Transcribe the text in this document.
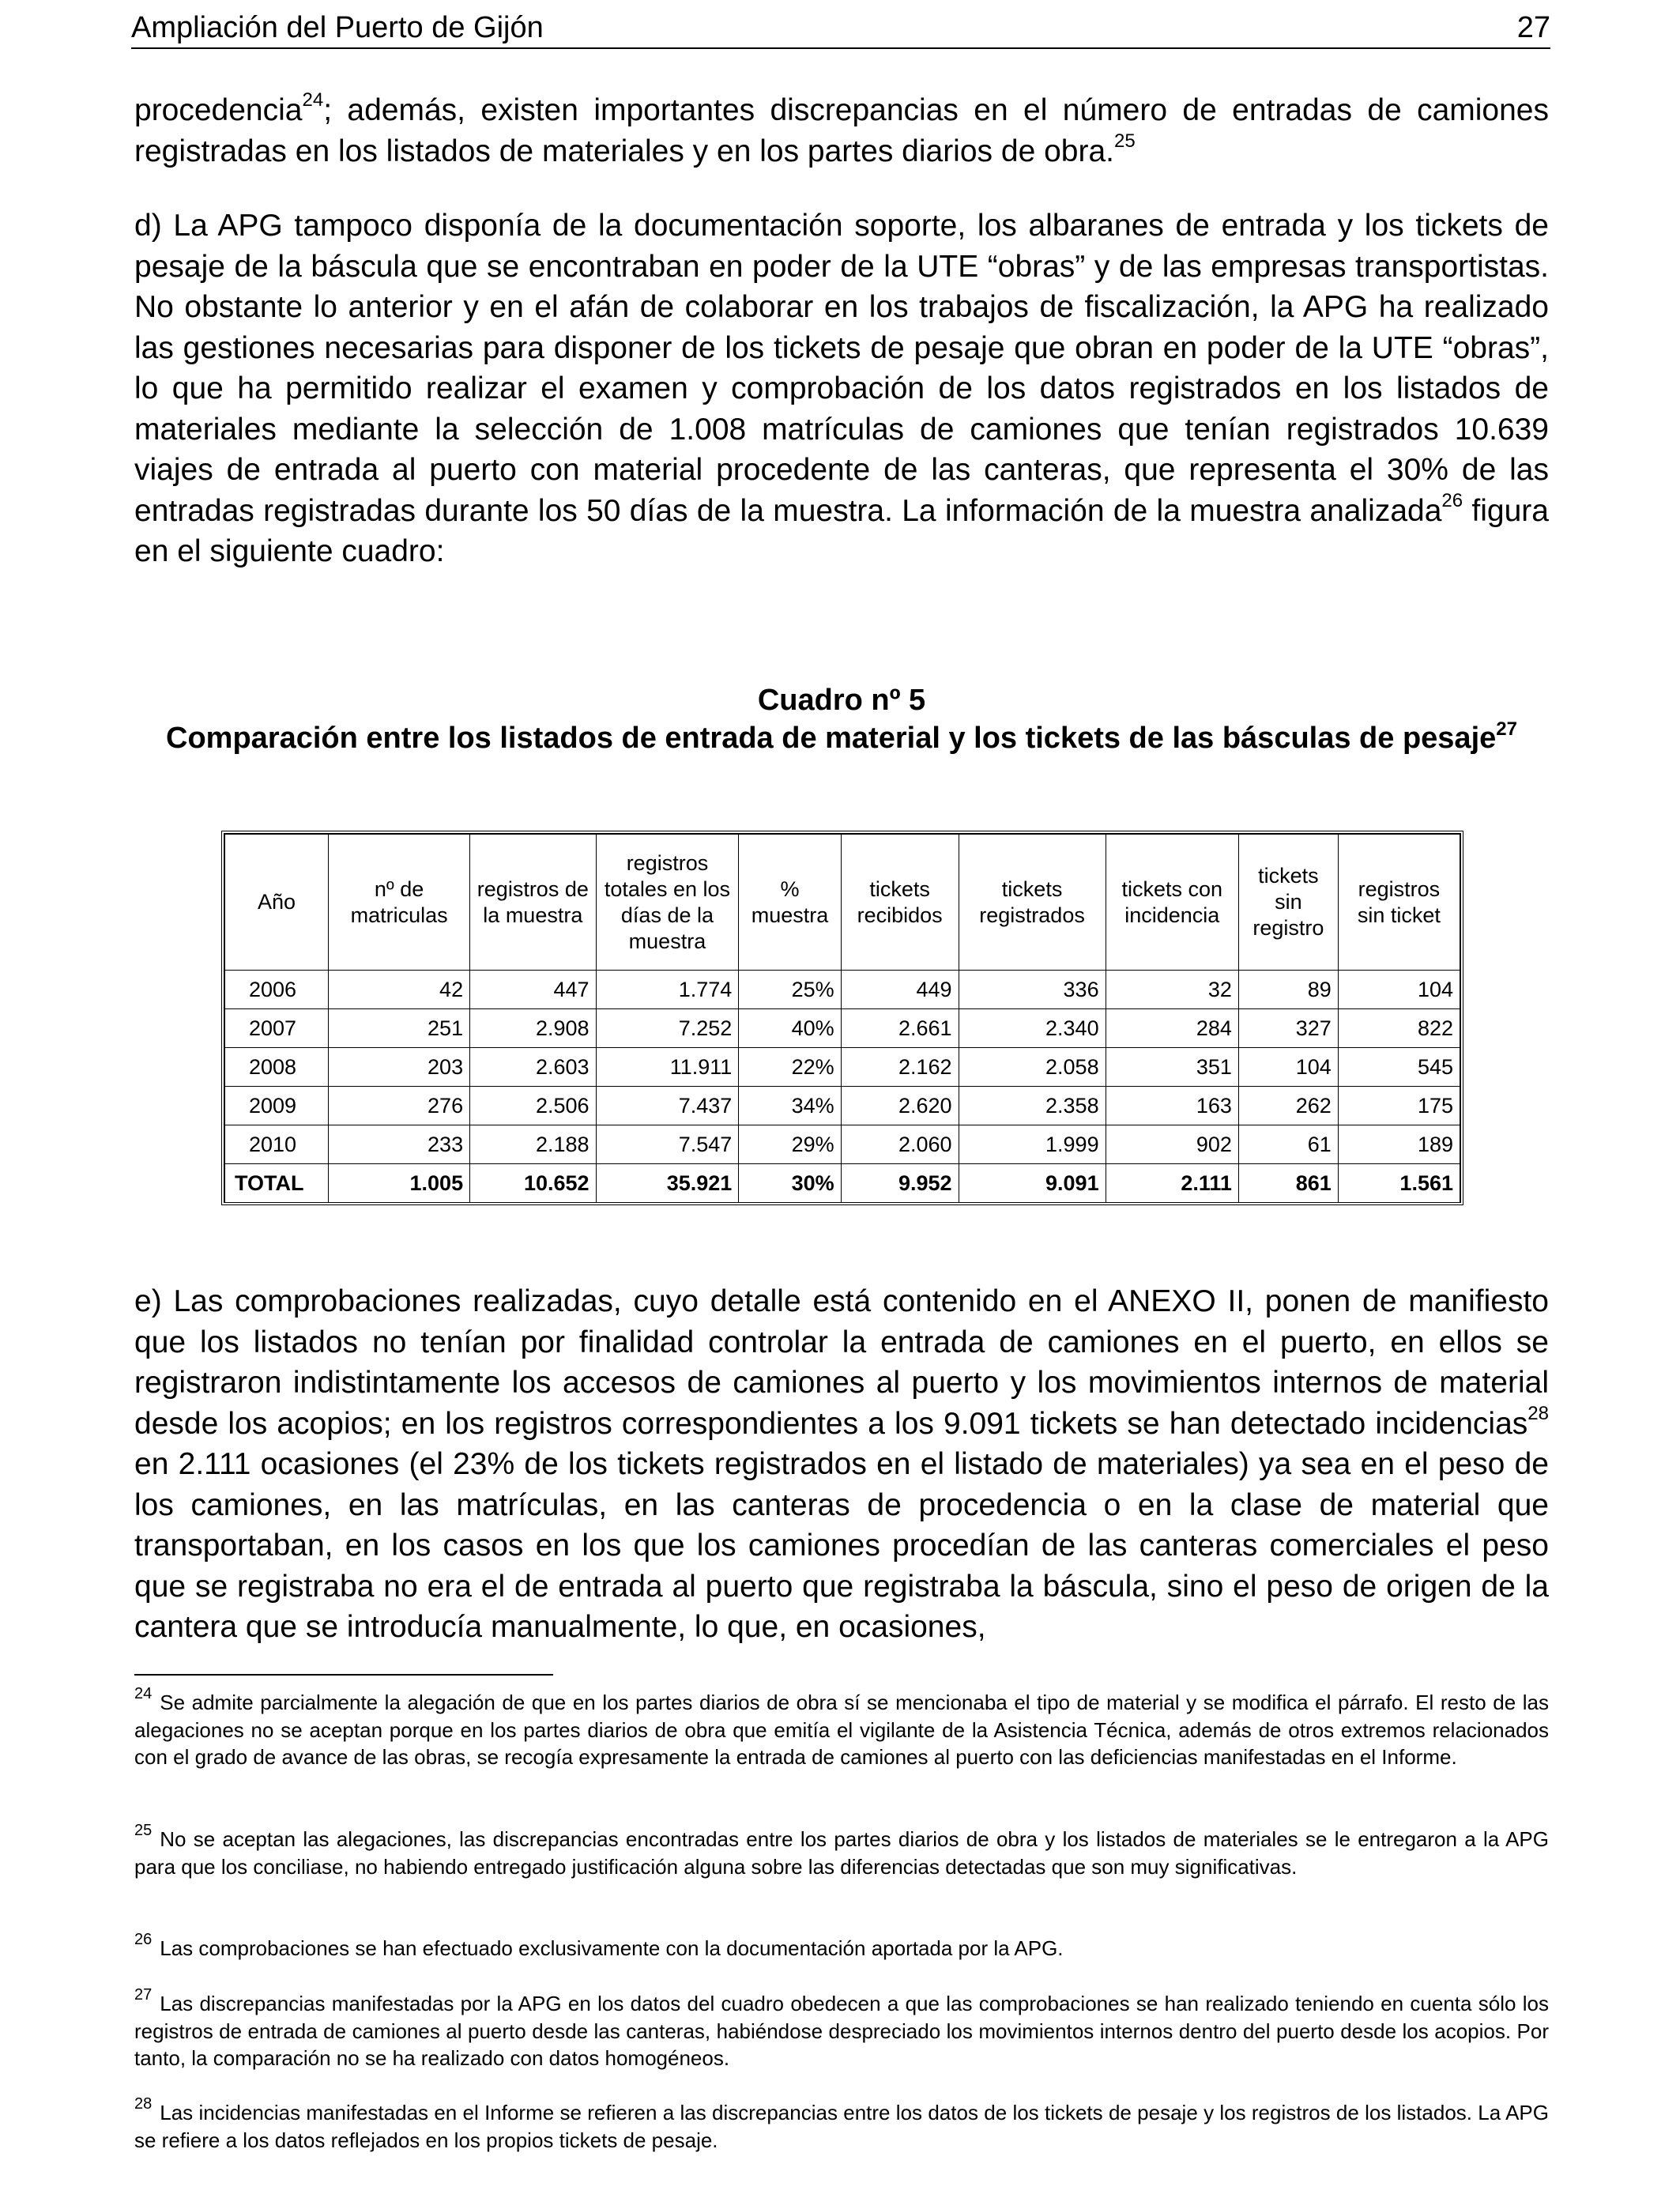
Ampliación del Puerto de Gijón	27
procedencia$^{24}$; además, existen importantes discrepancias en el número de entradas de camiones registradas en los listados de materiales y en los partes diarios de obra.$^{25}$
d) La APG tampoco disponía de la documentación soporte, los albaranes de entrada y los tickets de pesaje de la báscula que se encontraban en poder de la UTE “obras” y de las empresas transportistas. No obstante lo anterior y en el afán de colaborar en los trabajos de fiscalización, la APG ha realizado las gestiones necesarias para disponer de los tickets de pesaje que obran en poder de la UTE “obras”, lo que ha permitido realizar el examen y comprobación de los datos registrados en los listados de materiales mediante la selección de 1.008 matrículas de camiones que tenían registrados 10.639 viajes de entrada al puerto con material procedente de las canteras, que representa el 30% de las entradas registradas durante los 50 días de la muestra. La información de la muestra analizada$^{26}$ figura en el siguiente cuadro:
Cuadro nº 5
Comparación entre los listados de entrada de material y los tickets de las básculas de pesaje$^{27}$
Año	nº de matriculas	registros de la muestra	registros totales en los días de la muestra	% muestra	tickets recibidos	tickets registrados	tickets con incidencia	tickets sin registro	registros sin ticket
2006	42	447	1.774	25%	449	336	32	89	104
2007	251	2.908	7.252	40%	2.661	2.340	284	327	822
2008	203	2.603	11.911	22%	2.162	2.058	351	104	545
2009	276	2.506	7.437	34%	2.620	2.358	163	262	175
2010	233	2.188	7.547	29%	2.060	1.999	902	61	189
TOTAL	1.005	10.652	35.921	30%	9.952	9.091	2.111	861	1.561
e) Las comprobaciones realizadas, cuyo detalle está contenido en el ANEXO II, ponen de manifiesto que los listados no tenían por finalidad controlar la entrada de camiones en el puerto, en ellos se registraron indistintamente los accesos de camiones al puerto y los movimientos internos de material desde los acopios; en los registros correspondientes a los 9.091 tickets se han detectado incidencias$^{28}$ en 2.111 ocasiones (el 23% de los tickets registrados en el listado de materiales) ya sea en el peso de los camiones, en las matrículas, en las canteras de procedencia o en la clase de material que transportaban, en los casos en los que los camiones procedían de las canteras comerciales el peso que se registraba no era el de entrada al puerto que registraba la báscula, sino el peso de origen de la cantera que se introducía manualmente, lo que, en ocasiones,
$^{24}$ Se admite parcialmente la alegación de que en los partes diarios de obra sí se mencionaba el tipo de material y se modifica el párrafo. El resto de las alegaciones no se aceptan porque en los partes diarios de obra que emitía el vigilante de la Asistencia Técnica, además de otros extremos relacionados con el grado de avance de las obras, se recogía expresamente la entrada de camiones al puerto con las deficiencias manifestadas en el Informe.
$^{25}$ No se aceptan las alegaciones, las discrepancias encontradas entre los partes diarios de obra y los listados de materiales se le entregaron a la APG para que los conciliase, no habiendo entregado justificación alguna sobre las diferencias detectadas que son muy significativas.
$^{26}$ Las comprobaciones se han efectuado exclusivamente con la documentación aportada por la APG.
$^{27}$ Las discrepancias manifestadas por la APG en los datos del cuadro obedecen a que las comprobaciones se han realizado teniendo en cuenta sólo los registros de entrada de camiones al puerto desde las canteras, habiéndose despreciado los movimientos internos dentro del puerto desde los acopios. Por tanto, la comparación no se ha realizado con datos homogéneos.
$^{28}$ Las incidencias manifestadas en el Informe se refieren a las discrepancias entre los datos de los tickets de pesaje y los registros de los listados. La APG se refiere a los datos reflejados en los propios tickets de pesaje.
